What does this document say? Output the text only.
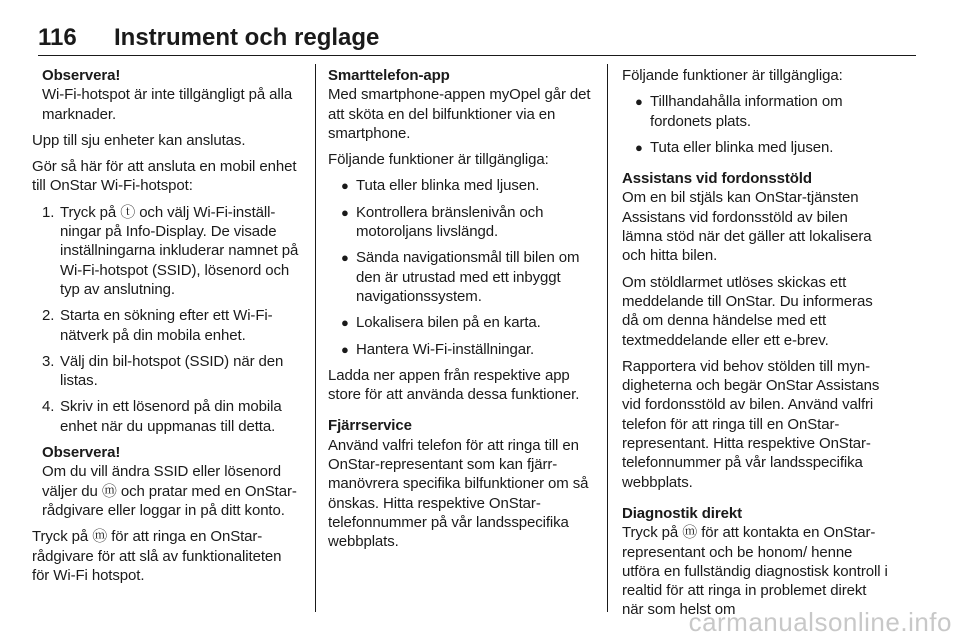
116 Instrument och reglage
Observera!
Wi-Fi-hotspot är inte tillgängligt på alla marknader.
Upp till sju enheter kan anslutas.
Gör så här för att ansluta en mobil enhet till OnStar Wi-Fi-hotspot:
1. Tryck på ⓣ och välj Wi-Fi-inställningar på Info-Display. De visade inställningarna inkluderar namnet på Wi-Fi-hotspot (SSID), lösenord och typ av anslutning.
2. Starta en sökning efter ett Wi-Fi-nätverk på din mobila enhet.
3. Välj din bil-hotspot (SSID) när den listas.
4. Skriv in ett lösenord på din mobila enhet när du uppmanas till detta.
Observera!
Om du vill ändra SSID eller lösenord väljer du ⓜ och pratar med en OnStar-rådgivare eller loggar in på ditt konto.
Tryck på ⓜ för att ringa en OnStar-rådgivare för att slå av funktionaliteten för Wi-Fi hotspot.
Smarttelefon-app
Med smartphone-appen myOpel går det att sköta en del bilfunktioner via en smartphone.
Följande funktioner är tillgängliga:
● Tuta eller blinka med ljusen.
● Kontrollera bränslenivån och motoroljans livslängd.
● Sända navigationsmål till bilen om den är utrustad med ett inbyggt navigationssystem.
● Lokalisera bilen på en karta.
● Hantera Wi-Fi-inställningar.
Ladda ner appen från respektive app store för att använda dessa funktioner.
Fjärrservice
Använd valfri telefon för att ringa till en OnStar-representant som kan fjärrmanövrera specifika bilfunktioner om så önskas. Hitta respektive OnStar-telefonnummer på vår landsspecifika webbplats.
Följande funktioner är tillgängliga:
● Tillhandahålla information om fordonets plats.
● Tuta eller blinka med ljusen.
Assistans vid fordonsstöld
Om en bil stjäls kan OnStar-tjänsten Assistans vid fordonsstöld av bilen lämna stöd när det gäller att lokalisera och hitta bilen.
Om stöldlarmet utlöses skickas ett meddelande till OnStar. Du informeras då om denna händelse med ett textmeddelande eller ett e-brev.
Rapportera vid behov stölden till myndigheterna och begär OnStar Assistans vid fordonsstöld av bilen. Använd valfri telefon för att ringa till en OnStar-representant. Hitta respektive OnStar-telefonnummer på vår landsspecifika webbplats.
Diagnostik direkt
Tryck på ⓜ för att kontakta en OnStar-representant och be honom/ henne utföra en fullständig diagnostisk kontroll i realtid för att ringa in problemet direkt när som helst om
carmanualsonline.info
